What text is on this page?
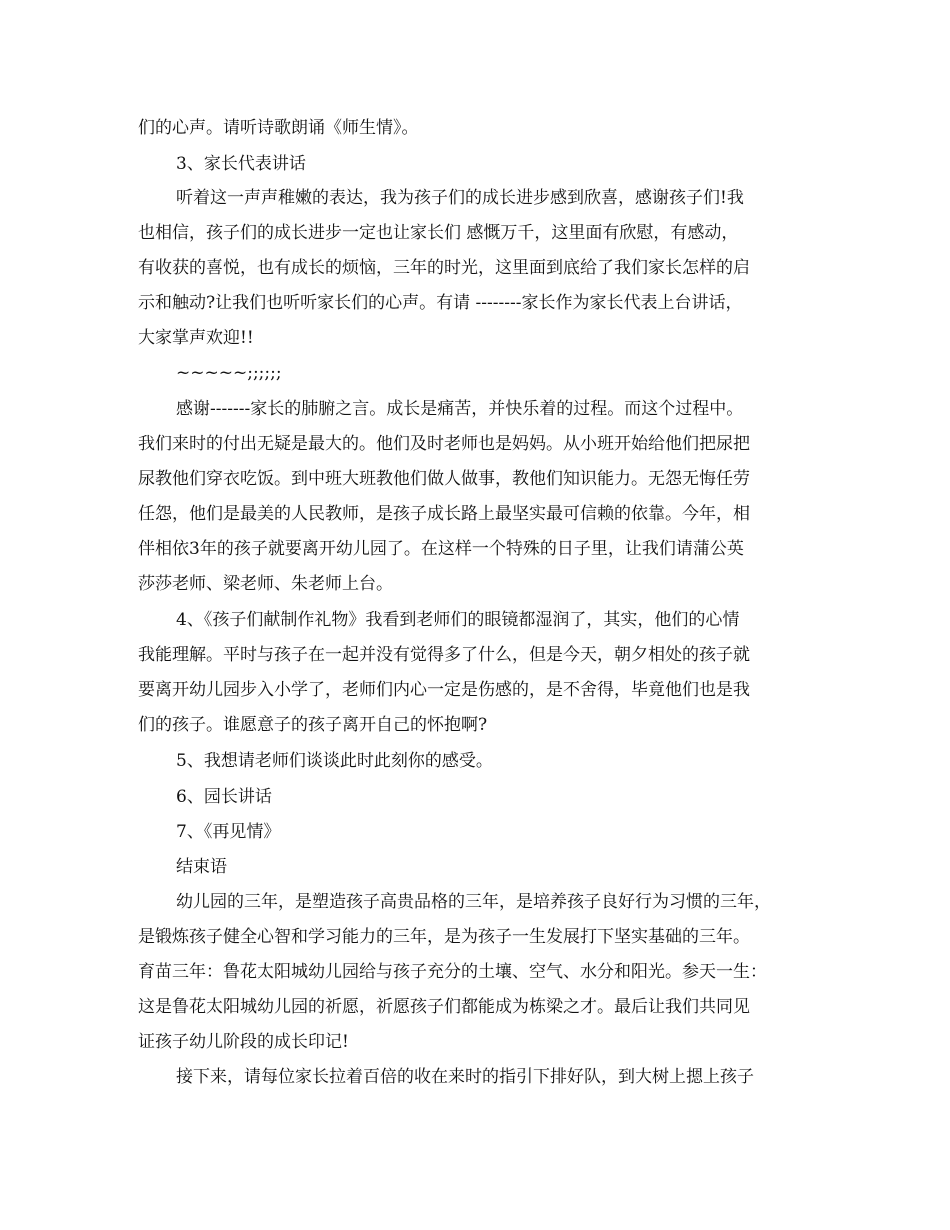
们的心声。请听诗歌朗诵《师生情》。
3、家长代表讲话
听着这一声声稚嫩的表达，我为孩子们的成长进步感到欣喜，感谢孩子们!我
也相信，孩子们的成长进步一定也让家长们 感慨万千，这里面有欣慰，有感动，
有收获的喜悦，也有成长的烦恼，三年的时光，这里面到底给了我们家长怎样的启
示和触动?让我们也听听家长们的心声。有请 --------家长作为家长代表上台讲话，
大家掌声欢迎!!
~~~~~;;;;;;
感谢-------家长的肺腑之言。成长是痛苦，并快乐着的过程。而这个过程中。
我们来时的付出无疑是最大的。他们及时老师也是妈妈。从小班开始给他们把尿把
尿教他们穿衣吃饭。到中班大班教他们做人做事，教他们知识能力。无怨无悔任劳
任怨，他们是最美的人民教师，是孩子成长路上最坚实最可信赖的依靠。今年，相
伴相依3年的孩子就要离开幼儿园了。在这样一个特殊的日子里，让我们请蒲公英
莎莎老师、梁老师、朱老师上台。
4、《孩子们献制作礼物》我看到老师们的眼镜都湿润了，其实，他们的心情
我能理解。平时与孩子在一起并没有觉得多了什么，但是今天，朝夕相处的孩子就
要离开幼儿园步入小学了，老师们内心一定是伤感的，是不舍得，毕竟他们也是我
们的孩子。谁愿意子的孩子离开自己的怀抱啊?
5、我想请老师们谈谈此时此刻你的感受。
6、园长讲话
7、《再见情》
结束语
幼儿园的三年，是塑造孩子高贵品格的三年，是培养孩子良好行为习惯的三年，
是锻炼孩子健全心智和学习能力的三年，是为孩子一生发展打下坚实基础的三年。
育苗三年：鲁花太阳城幼儿园给与孩子充分的土壤、空气、水分和阳光。参天一生：
这是鲁花太阳城幼儿园的祈愿，祈愿孩子们都能成为栋梁之才。最后让我们共同见
证孩子幼儿阶段的成长印记!
接下来，请每位家长拉着百倍的收在来时的指引下排好队，到大树上摁上孩子
